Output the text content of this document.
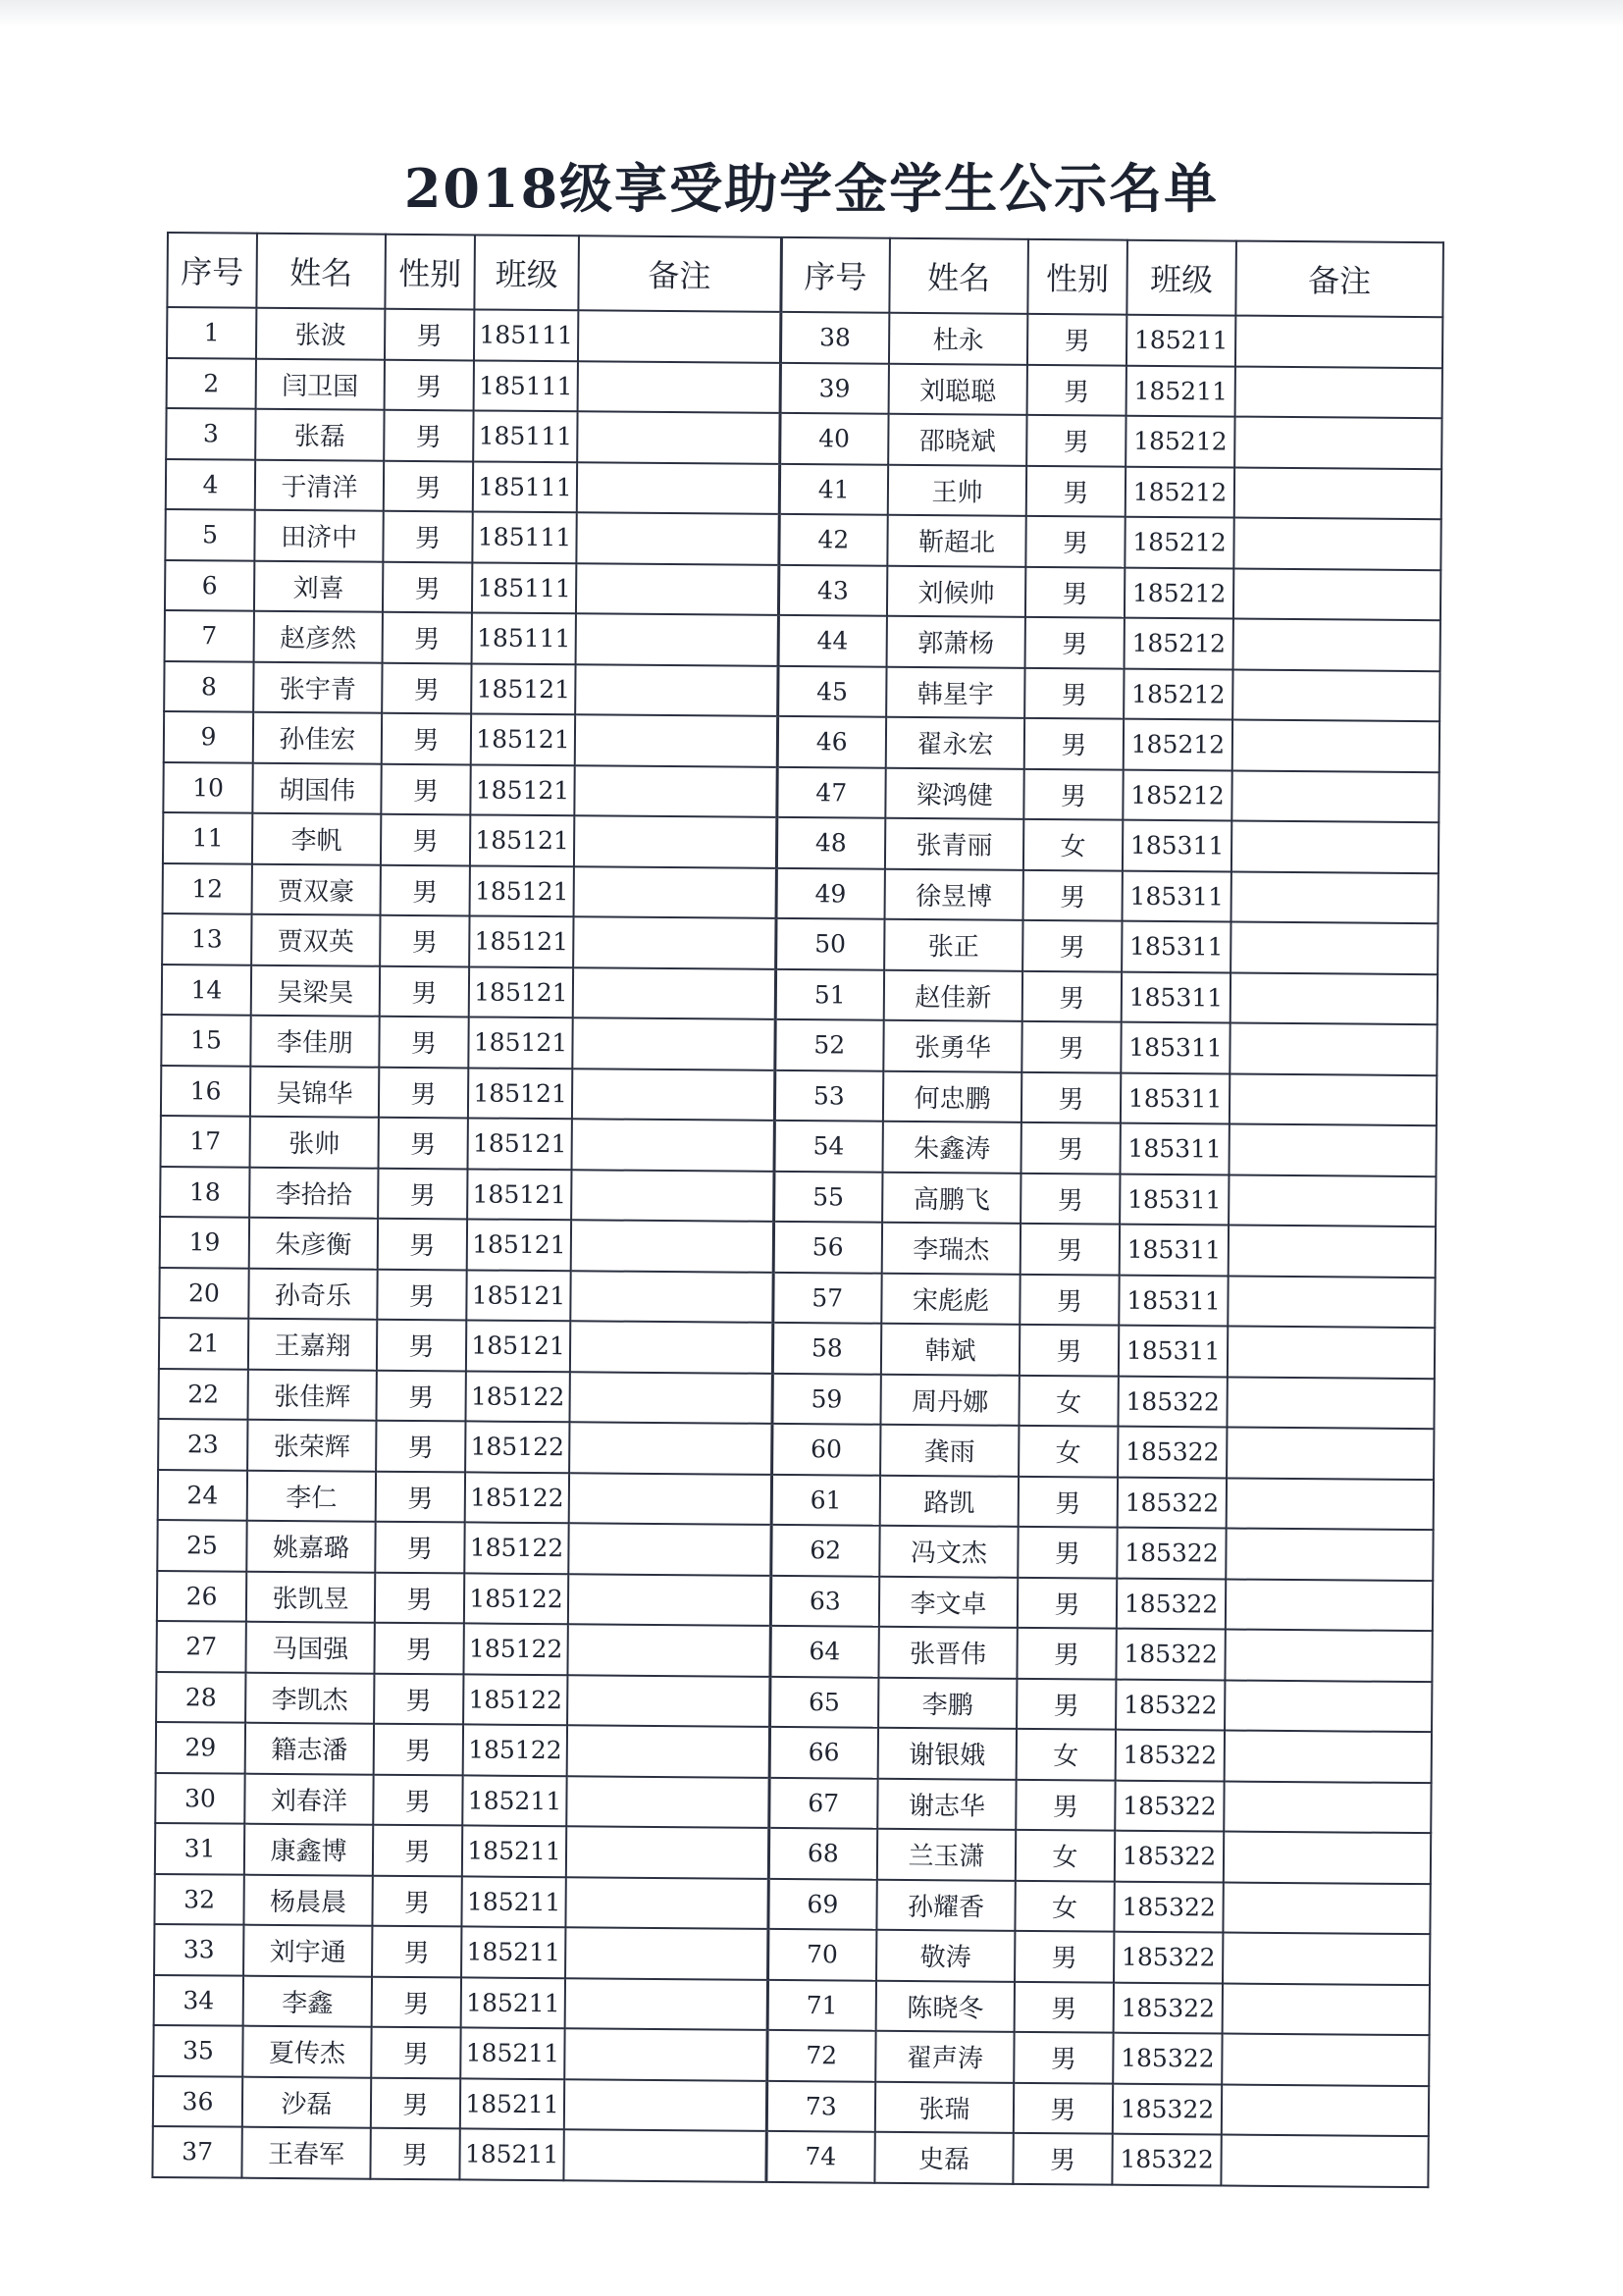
2018级享受助学金学生公示名单
序号	姓名	性别	班级	备注	序号	姓名	性别	班级	备注
1	张波	男	185111		38	杜永	男	185211	
2	闫卫国	男	185111		39	刘聪聪	男	185211	
3	张磊	男	185111		40	邵晓斌	男	185212	
4	于清洋	男	185111		41	王帅	男	185212	
5	田济中	男	185111		42	靳超北	男	185212	
6	刘喜	男	185111		43	刘候帅	男	185212	
7	赵彦然	男	185111		44	郭萧杨	男	185212	
8	张宇青	男	185121		45	韩星宇	男	185212	
9	孙佳宏	男	185121		46	翟永宏	男	185212	
10	胡国伟	男	185121		47	梁鸿健	男	185212	
11	李帆	男	185121		48	张青丽	女	185311	
12	贾双豪	男	185121		49	徐昱博	男	185311	
13	贾双英	男	185121		50	张正	男	185311	
14	吴梁昊	男	185121		51	赵佳新	男	185311	
15	李佳朋	男	185121		52	张勇华	男	185311	
16	吴锦华	男	185121		53	何忠鹏	男	185311	
17	张帅	男	185121		54	朱鑫涛	男	185311	
18	李拾拾	男	185121		55	高鹏飞	男	185311	
19	朱彦衡	男	185121		56	李瑞杰	男	185311	
20	孙奇乐	男	185121		57	宋彪彪	男	185311	
21	王嘉翔	男	185121		58	韩斌	男	185311	
22	张佳辉	男	185122		59	周丹娜	女	185322	
23	张荣辉	男	185122		60	龚雨	女	185322	
24	李仁	男	185122		61	路凯	男	185322	
25	姚嘉璐	男	185122		62	冯文杰	男	185322	
26	张凯昱	男	185122		63	李文卓	男	185322	
27	马国强	男	185122		64	张晋伟	男	185322	
28	李凯杰	男	185122		65	李鹏	男	185322	
29	籍志潘	男	185122		66	谢银娥	女	185322	
30	刘春洋	男	185211		67	谢志华	男	185322	
31	康鑫博	男	185211		68	兰玉潇	女	185322	
32	杨晨晨	男	185211		69	孙耀香	女	185322	
33	刘宇通	男	185211		70	敬涛	男	185322	
34	李鑫	男	185211		71	陈晓冬	男	185322	
35	夏传杰	男	185211		72	翟声涛	男	185322	
36	沙磊	男	185211		73	张瑞	男	185322	
37	王春军	男	185211		74	史磊	男	185322	
